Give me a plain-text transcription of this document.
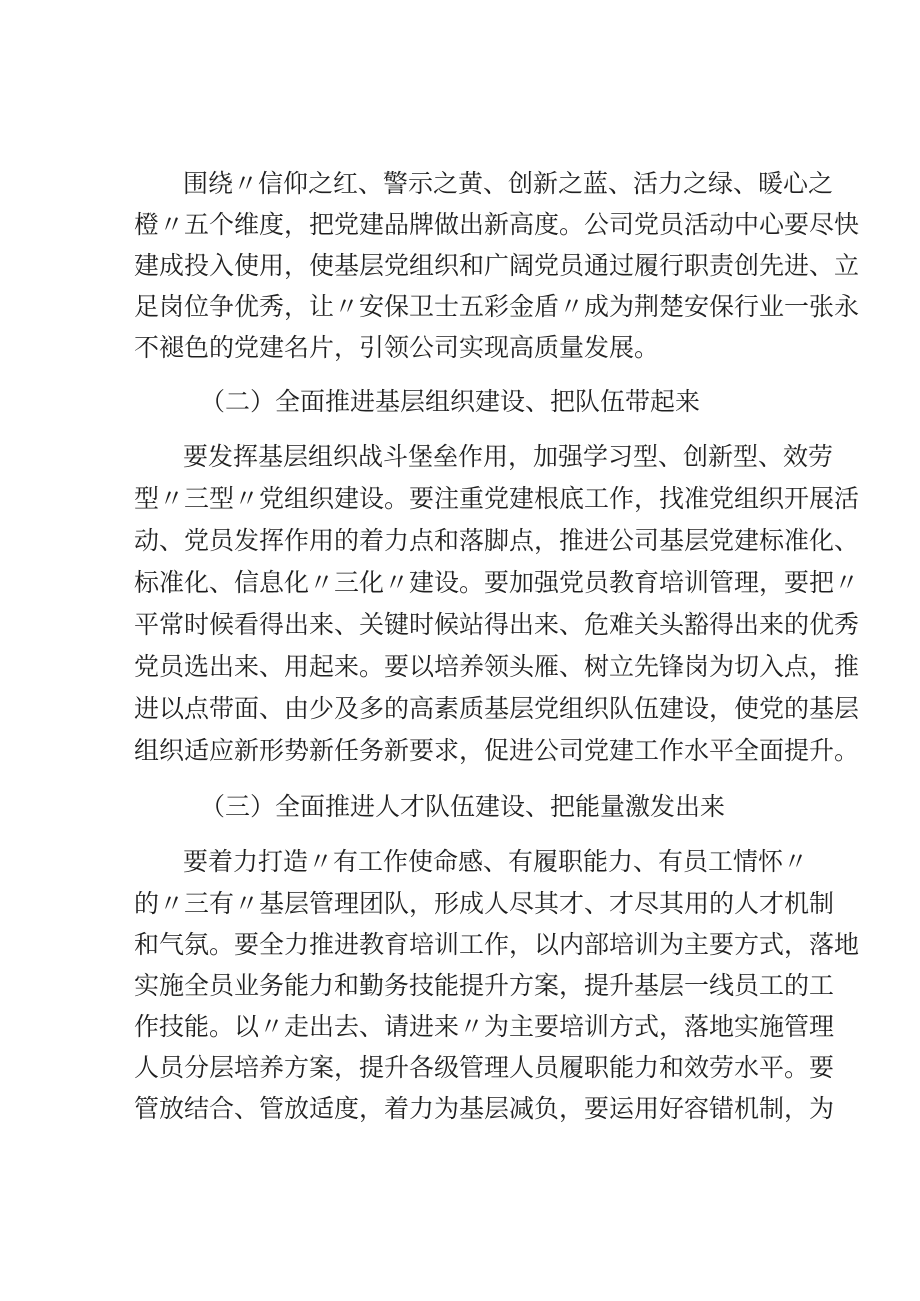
围绕〃信仰之红、警示之黄、创新之蓝、活力之绿、暖心之
橙〃五个维度，把党建品牌做出新高度。公司党员活动中心要尽快
建成投入使用，使基层党组织和广阔党员通过履行职责创先进、立
足岗位争优秀，让〃安保卫士五彩金盾〃成为荆楚安保行业一张永
不褪色的党建名片，引领公司实现高质量发展。
（二）全面推进基层组织建设、把队伍带起来
要发挥基层组织战斗堡垒作用，加强学习型、创新型、效劳
型〃三型〃党组织建设。要注重党建根底工作，找准党组织开展活
动、党员发挥作用的着力点和落脚点，推进公司基层党建标准化、
标准化、信息化〃三化〃建设。要加强党员教育培训管理，要把〃
平常时候看得出来、关键时候站得出来、危难关头豁得出来的优秀
党员选出来、用起来。要以培养领头雁、树立先锋岗为切入点，推
进以点带面、由少及多的高素质基层党组织队伍建设，使党的基层
组织适应新形势新任务新要求，促进公司党建工作水平全面提升。
（三）全面推进人才队伍建设、把能量激发出来
要着力打造〃有工作使命感、有履职能力、有员工情怀〃
的〃三有〃基层管理团队，形成人尽其才、才尽其用的人才机制
和气氛。要全力推进教育培训工作，以内部培训为主要方式，落地
实施全员业务能力和勤务技能提升方案，提升基层一线员工的工
作技能。以〃走出去、请进来〃为主要培训方式，落地实施管理
人员分层培养方案，提升各级管理人员履职能力和效劳水平。要
管放结合、管放适度，着力为基层减负，要运用好容错机制，为
